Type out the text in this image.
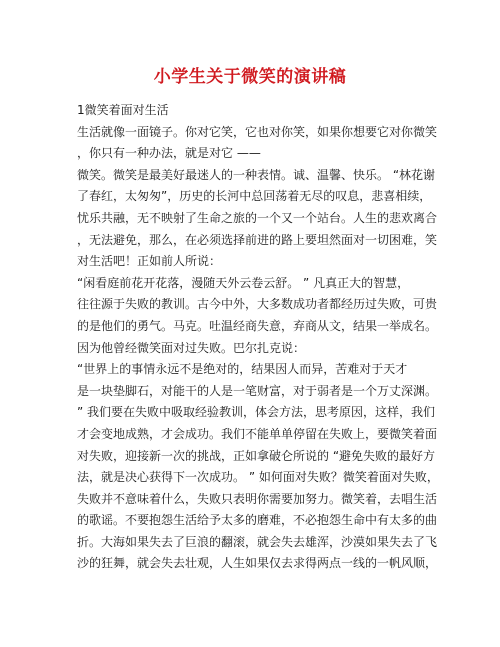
小学生关于微笑的演讲稿
1微笑着面对生活
生活就像一面镜子。你对它笑，它也对你笑，如果你想要它对你微笑
，你只有一种办法，就是对它 ——
微笑。微笑是最美好最迷人的一种表情。诚、温馨、快乐。 “林花谢
了春红，太匆匆”，历史的长河中总回荡着无尽的叹息，悲喜相续，
忧乐共融，无不映射了生命之旅的一个又一个站台。人生的悲欢离合
，无法避免，那么，在必须选择前进的路上要坦然面对一切困难，笑
对生活吧！正如前人所说：
“闲看庭前花开花落，漫随天外云卷云舒。 ” 凡真正大的智慧，
往往源于失败的教训。古今中外，大多数成功者都经历过失败，可贵
的是他们的勇气。马克。吐温经商失意，弃商从文，结果一举成名。
因为他曾经微笑面对过失败。巴尔扎克说：
“世界上的事情永远不是绝对的，结果因人而异，苦难对于天才
是一块垫脚石，对能干的人是一笔财富，对于弱者是一个万丈深渊。
” 我们要在失败中吸取经验教训，体会方法，思考原因，这样，我们
才会变地成熟，才会成功。我们不能单单停留在失败上，要微笑着面
对失败，迎接新一次的挑战，正如拿破仑所说的 “避免失败的最好方
法，就是决心获得下一次成功。 ” 如何面对失败？微笑着面对失败，
失败并不意味着什么，失败只表明你需要加努力。微笑着，去唱生活
的歌谣。不要抱怨生活给予太多的磨难，不必抱怨生命中有太多的曲
折。大海如果失去了巨浪的翻滚，就会失去雄浑，沙漠如果失去了飞
沙的狂舞，就会失去壮观，人生如果仅去求得两点一线的一帆风顺，
